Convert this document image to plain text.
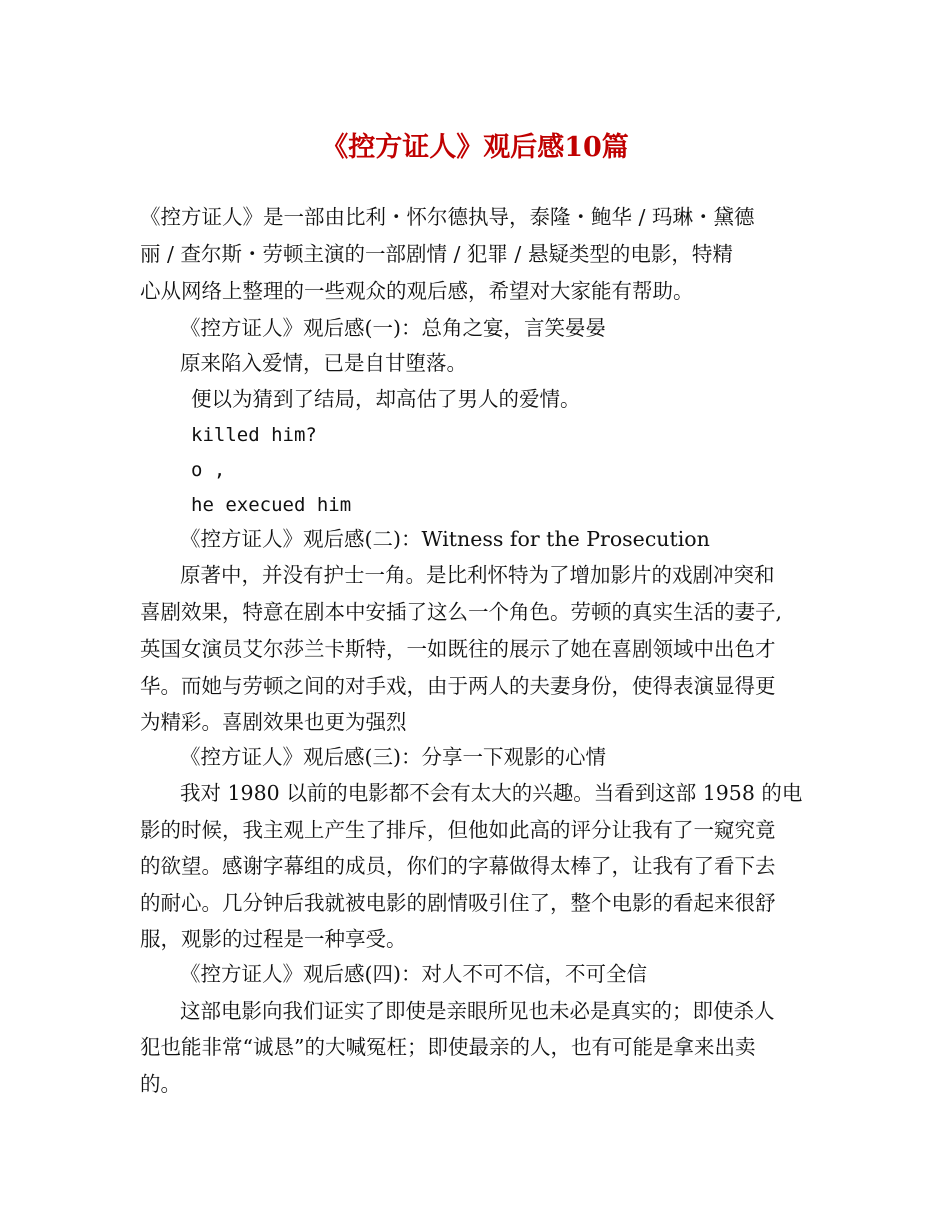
《控方证人》观后感10篇
《控方证人》是一部由比利・怀尔德执导，泰隆・鲍华 / 玛琳・黛德
丽 / 查尔斯・劳顿主演的一部剧情 / 犯罪 / 悬疑类型的电影，特精
心从网络上整理的一些观众的观后感，希望对大家能有帮助。
《控方证人》观后感(一)：总角之宴，言笑晏晏
原来陷入爱情，已是自甘堕落。
便以为猜到了结局，却高估了男人的爱情。
killed him?
o ,
he execued him
《控方证人》观后感(二)：Witness for the Prosecution
原著中，并没有护士一角。是比利怀特为了增加影片的戏剧冲突和
喜剧效果，特意在剧本中安插了这么一个角色。劳顿的真实生活的妻子,
英国女演员艾尔莎兰卡斯特，一如既往的展示了她在喜剧领域中出色才
华。而她与劳顿之间的对手戏，由于两人的夫妻身份，使得表演显得更
为精彩。喜剧效果也更为强烈
《控方证人》观后感(三)：分享一下观影的心情
我对 1980 以前的电影都不会有太大的兴趣。当看到这部 1958 的电
影的时候，我主观上产生了排斥，但他如此高的评分让我有了一窥究竟
的欲望。感谢字幕组的成员，你们的字幕做得太棒了，让我有了看下去
的耐心。几分钟后我就被电影的剧情吸引住了，整个电影的看起来很舒
服，观影的过程是一种享受。
《控方证人》观后感(四)：对人不可不信，不可全信
这部电影向我们证实了即使是亲眼所见也未必是真实的；即使杀人
犯也能非常“诚恳”的大喊冤枉；即使最亲的人，也有可能是拿来出卖
的。
